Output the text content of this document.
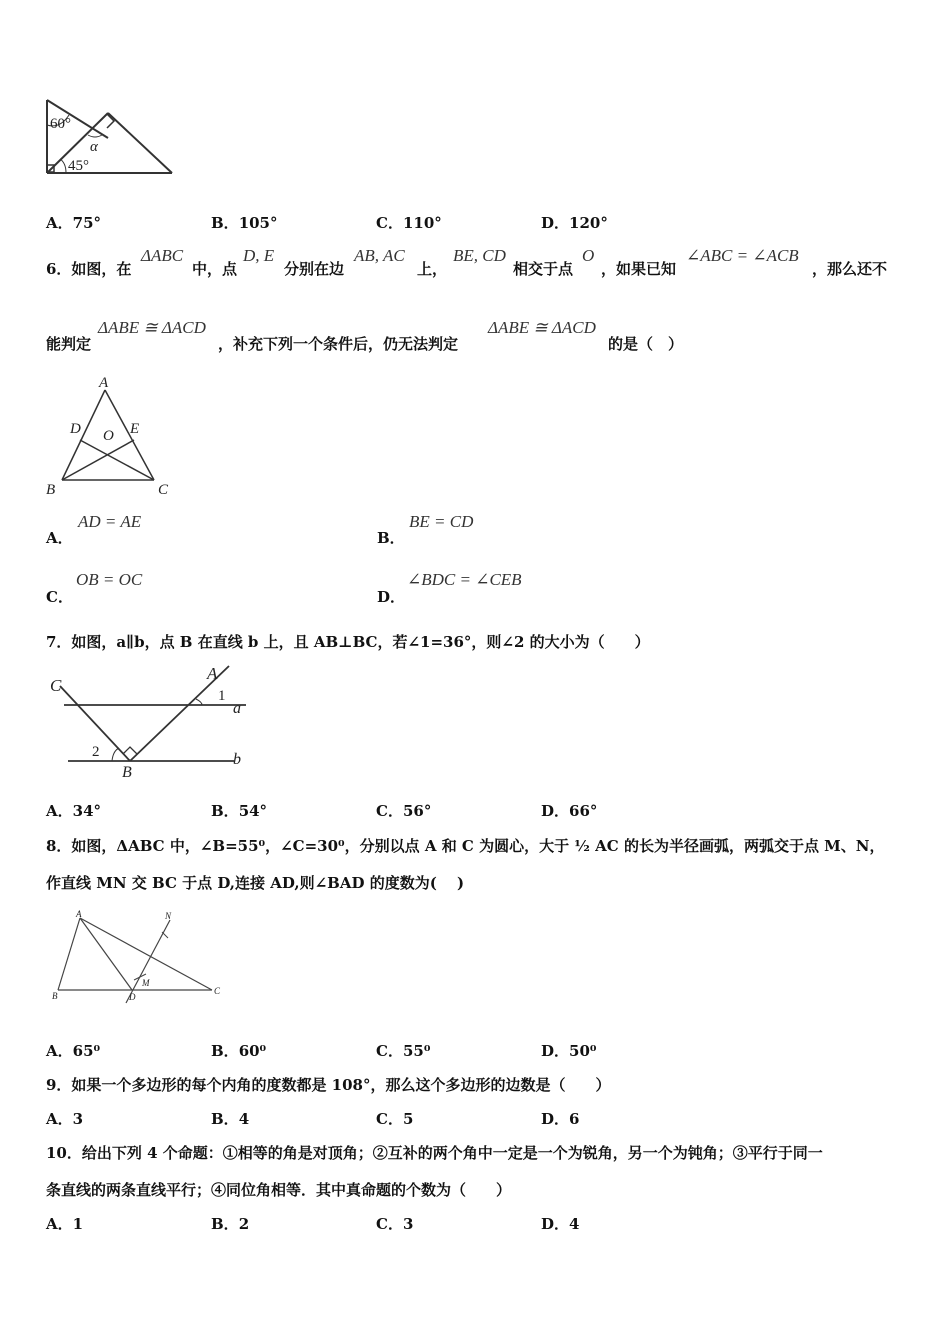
60°
45°
α
A．75°	B．105°	C．110°	D．120°
6．如图，在
ΔABC
中，点
D, E
分别在边
AB, AC
上，
BE, CD
相交于点
O
，如果已知
∠ABC = ∠ACB
，那么还不
能判定
ΔABE ≅ ΔACD
，补充下列一个条件后，仍无法判定
ΔABE ≅ ΔACD
的是（　）
A
B	C
D	E
O
A．
AD = AE
B．
BE = CD
C．
OB = OC
D．
∠BDC = ∠CEB
7．如图，a∥b，点 B 在直线 b 上，且 AB⊥BC，若∠1=36°，则∠2 的大小为（　　）
C
A
1
a
b
2
B
A．34°	B．54°	C．56°	D．66°
8．如图，ΔABC 中，∠B=55⁰，∠C=30⁰，分别以点 A 和 C 为圆心，大于 ½ AC 的长为半径画弧，两弧交于点 M、N，
作直线 MN 交 BC 于点 D,连接 AD,则∠BAD 的度数为(　 )
A
B	C
D
M
N
A．65⁰	B．60⁰	C．55⁰	D．50⁰
9．如果一个多边形的每个内角的度数都是 108°，那么这个多边形的边数是（　　）
A．3	B．4	C．5	D．6
10．给出下列 4 个命题：①相等的角是对顶角；②互补的两个角中一定是一个为锐角，另一个为钝角；③平行于同一
条直线的两条直线平行；④同位角相等．其中真命题的个数为（　　）
A．1	B．2	C．3	D．4
